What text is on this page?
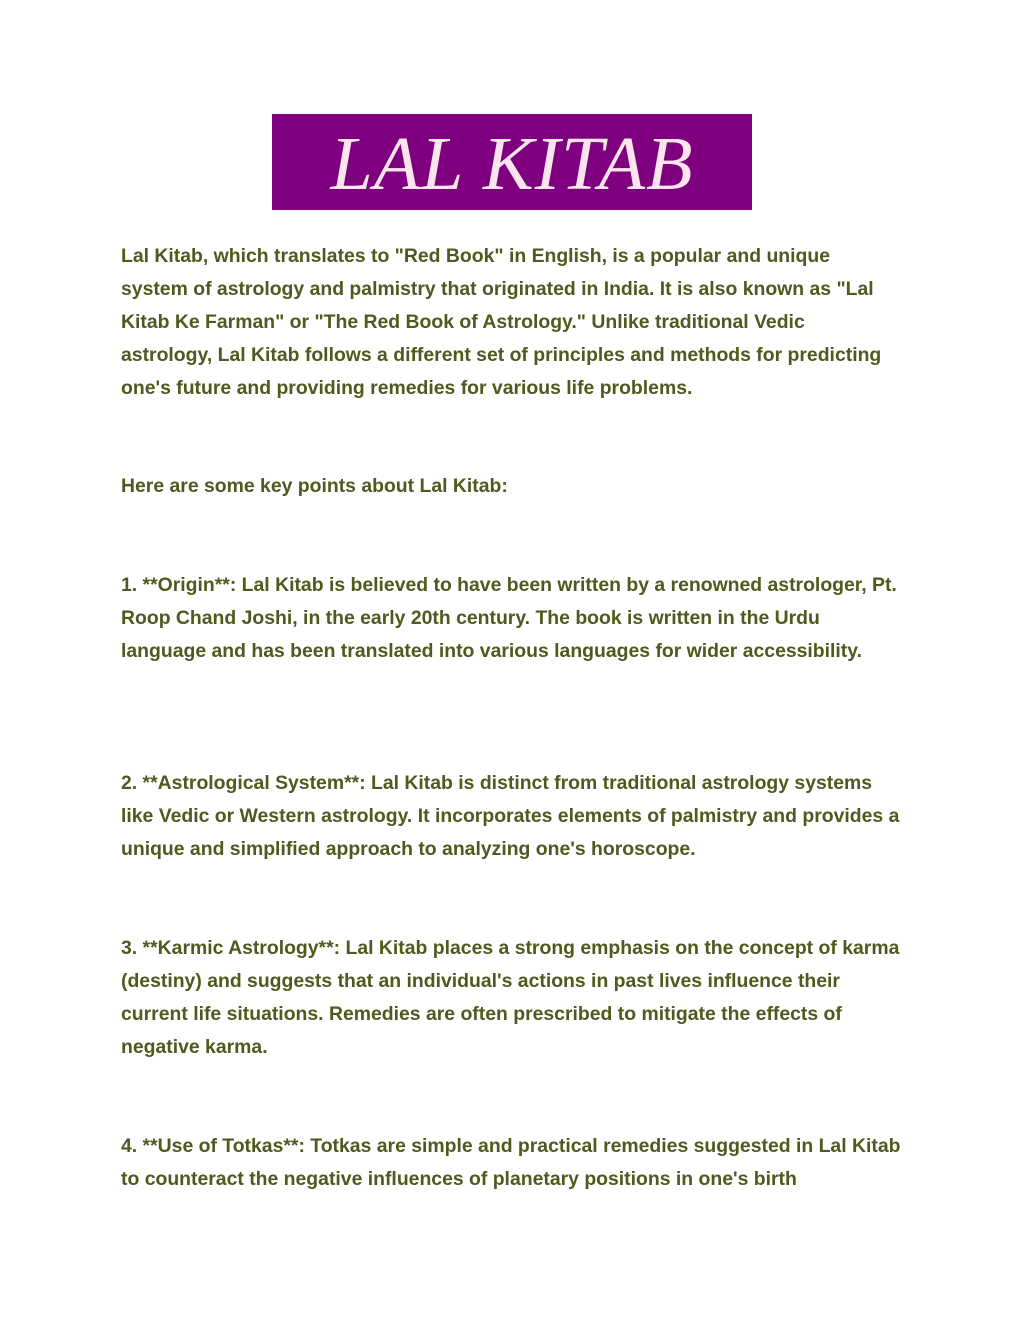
LAL KITAB

Lal Kitab, which translates to "Red Book" in English, is a popular and unique system of astrology and palmistry that originated in India. It is also known as "Lal Kitab Ke Farman" or "The Red Book of Astrology." Unlike traditional Vedic astrology, Lal Kitab follows a different set of principles and methods for predicting one's future and providing remedies for various life problems.

Here are some key points about Lal Kitab:

1. **Origin**: Lal Kitab is believed to have been written by a renowned astrologer, Pt. Roop Chand Joshi, in the early 20th century. The book is written in the Urdu language and has been translated into various languages for wider accessibility.

2. **Astrological System**: Lal Kitab is distinct from traditional astrology systems like Vedic or Western astrology. It incorporates elements of palmistry and provides a unique and simplified approach to analyzing one's horoscope.

3. **Karmic Astrology**: Lal Kitab places a strong emphasis on the concept of karma (destiny) and suggests that an individual's actions in past lives influence their current life situations. Remedies are often prescribed to mitigate the effects of negative karma.

4. **Use of Totkas**: Totkas are simple and practical remedies suggested in Lal Kitab to counteract the negative influences of planetary positions in one's birth
